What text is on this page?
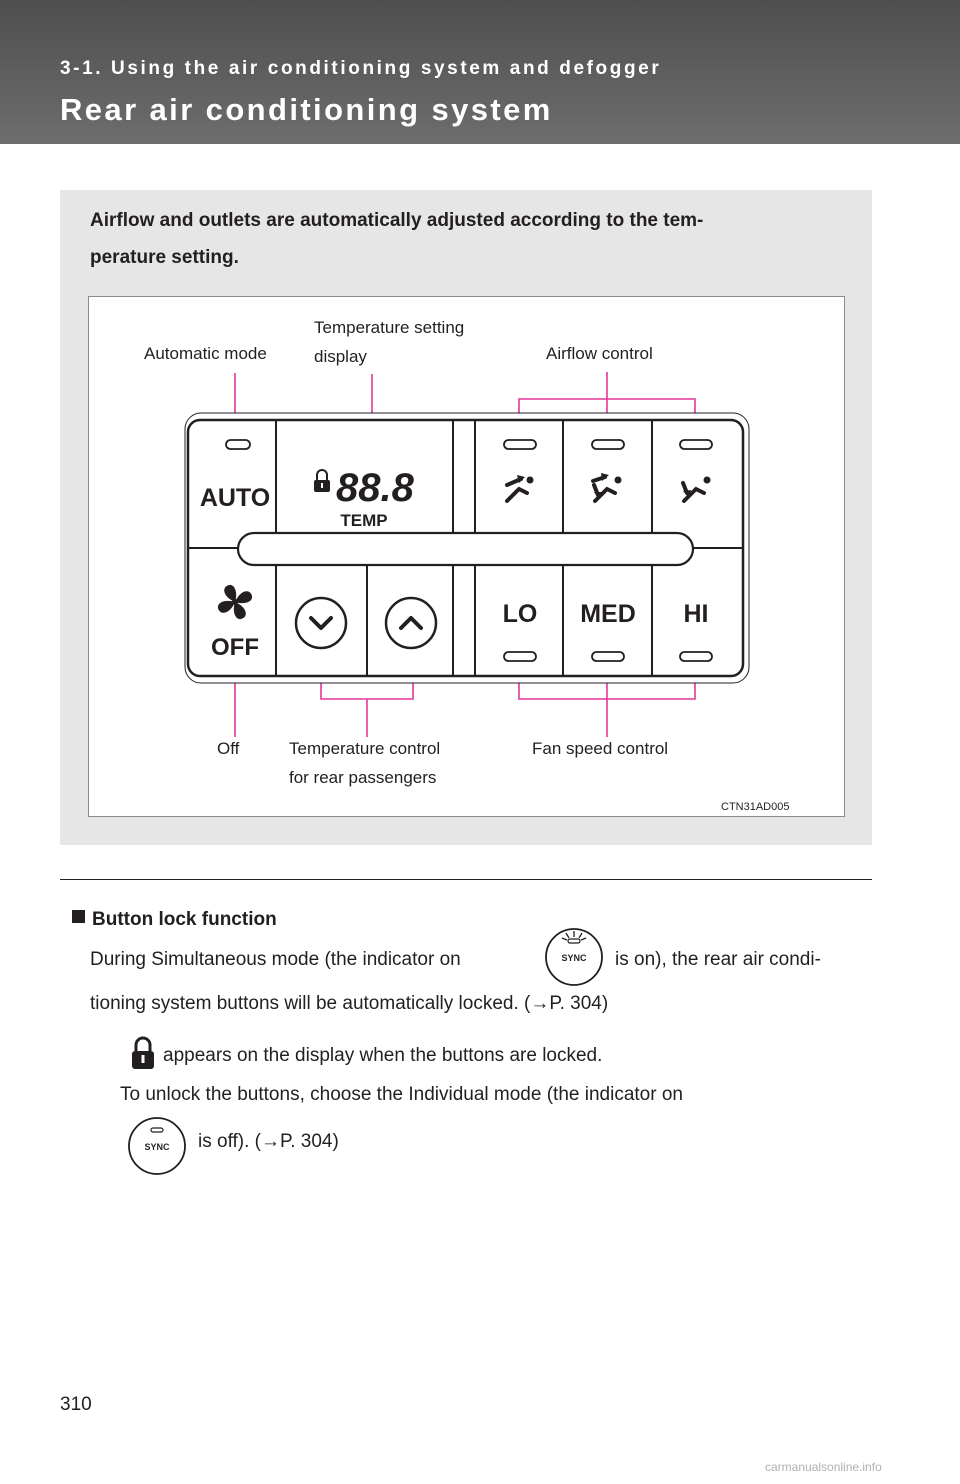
3-1. Using the air conditioning system and defogger
Rear air conditioning system
Airflow and outlets are automatically adjusted according to the tem-
perature setting.
Automatic mode
Temperature setting
display	Airflow control
Off	Temperature control
for rear passengers
Fan speed control
AUTO 88.8
TEMP
OFF
LO MED HI
CTN31AD005
Button lock function
During Simultaneous mode (the indicator on	SYNC is on), the rear air condi-
tioning system buttons will be automatically locked. (→P. 304)
appears on the display when the buttons are locked.
To unlock the buttons, choose the Individual mode (the indicator on
SYNC is off). (→P. 304)
310
carmanualsonline.info
